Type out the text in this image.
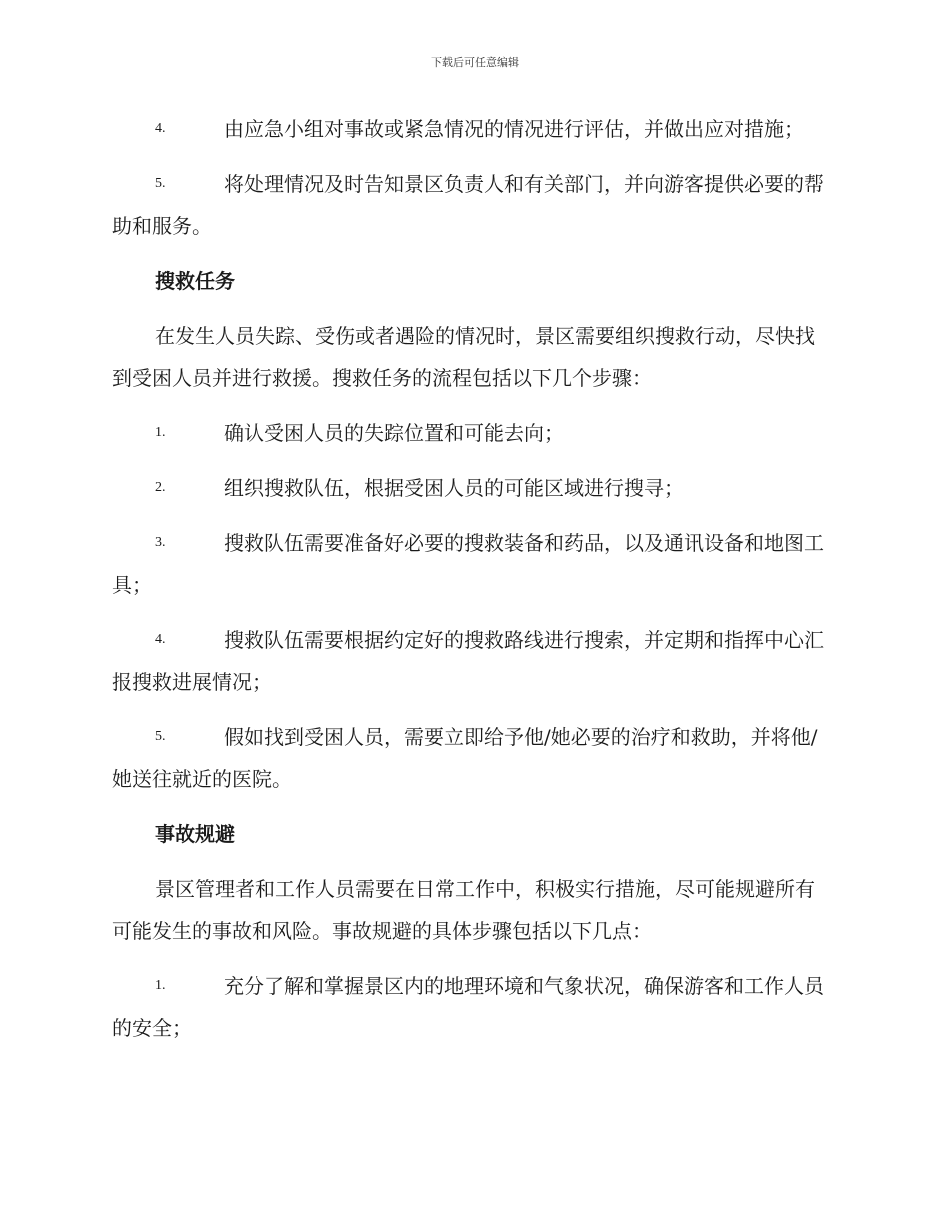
下载后可任意编辑
4.	由应急小组对事故或紧急情况的情况进行评估，并做出应对措施；
5.	将处理情况及时告知景区负责人和有关部门，并向游客提供必要的帮助和服务。
搜救任务
在发生人员失踪、受伤或者遇险的情况时，景区需要组织搜救行动，尽快找到受困人员并进行救援。搜救任务的流程包括以下几个步骤：
1.	确认受困人员的失踪位置和可能去向；
2.	组织搜救队伍，根据受困人员的可能区域进行搜寻；
3.	搜救队伍需要准备好必要的搜救装备和药品，以及通讯设备和地图工具；
4.	搜救队伍需要根据约定好的搜救路线进行搜索，并定期和指挥中心汇报搜救进展情况；
5.	假如找到受困人员，需要立即给予他/她必要的治疗和救助，并将他/她送往就近的医院。
事故规避
景区管理者和工作人员需要在日常工作中，积极实行措施，尽可能规避所有可能发生的事故和风险。事故规避的具体步骤包括以下几点：
1.	充分了解和掌握景区内的地理环境和气象状况，确保游客和工作人员的安全；
